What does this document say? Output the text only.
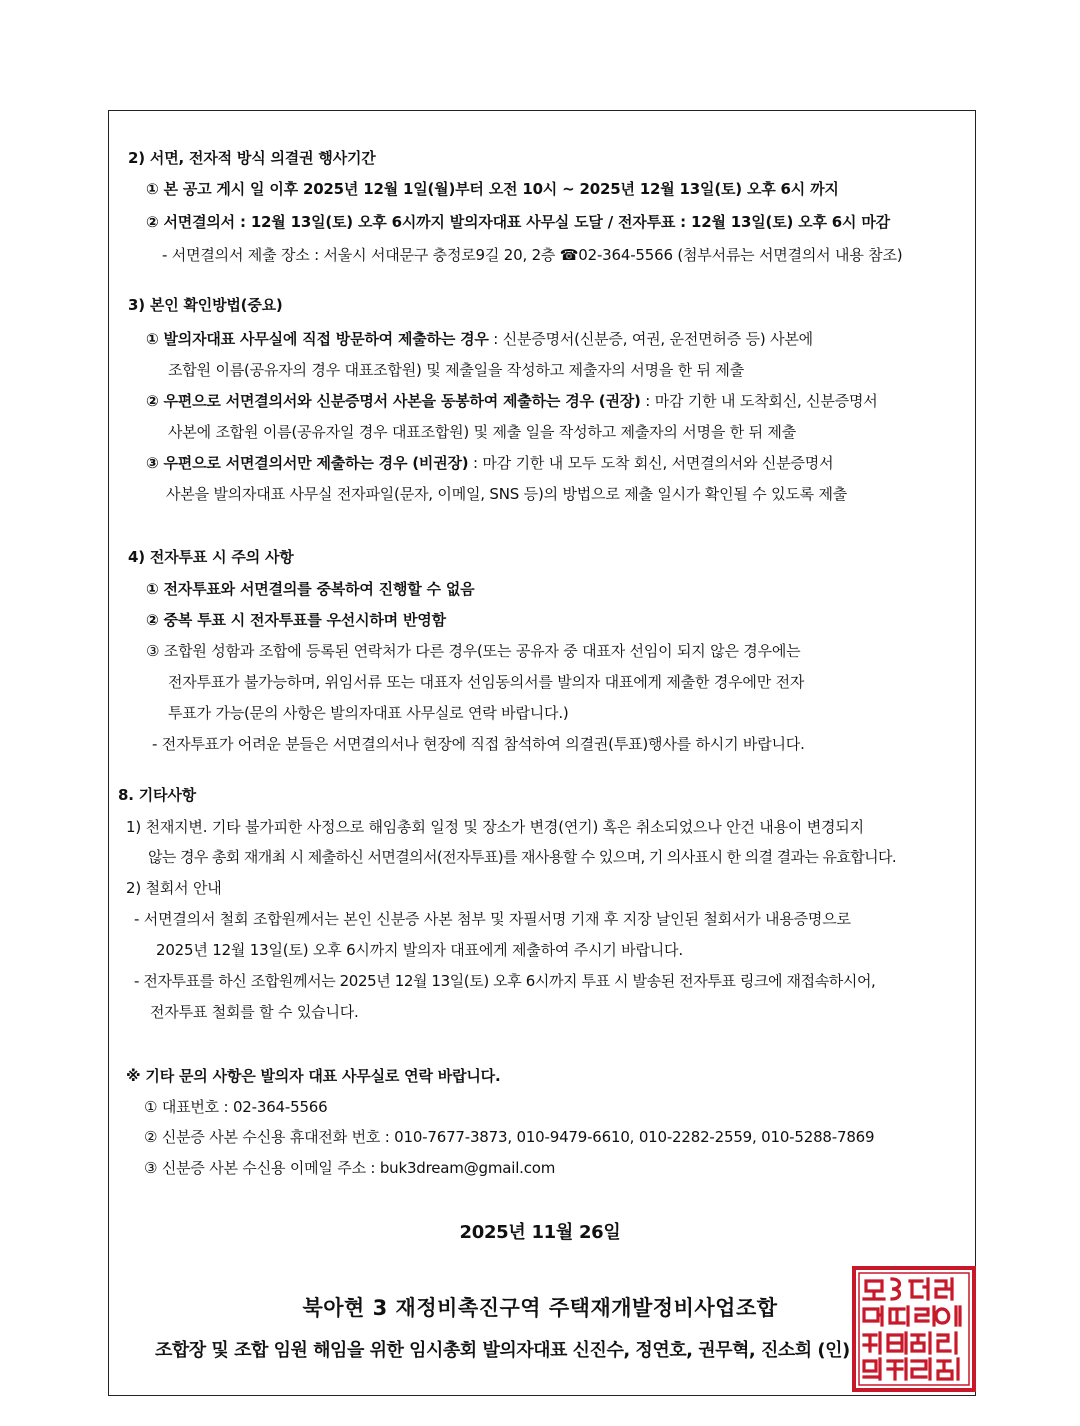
2) 서면, 전자적 방식 의결권 행사기간
① 본 공고 게시 일 이후 2025년 12월 1일(월)부터 오전 10시 ~ 2025년 12월 13일(토) 오후 6시 까지
② 서면결의서 : 12월 13일(토) 오후 6시까지 발의자대표 사무실 도달 / 전자투표 : 12월 13일(토) 오후 6시 마감
- 서면결의서 제출 장소 : 서울시 서대문구 충정로9길 20, 2층 ☎02-364-5566 (첨부서류는 서면결의서 내용 참조)
3) 본인 확인방법(중요)
① 발의자대표 사무실에 직접 방문하여 제출하는 경우 : 신분증명서(신분증, 여권, 운전면허증 등) 사본에
조합원 이름(공유자의 경우 대표조합원) 및 제출일을 작성하고 제출자의 서명을 한 뒤 제출
② 우편으로 서면결의서와 신분증명서 사본을 동봉하여 제출하는 경우 (권장) : 마감 기한 내 도착회신, 신분증명서
사본에 조합원 이름(공유자일 경우 대표조합원) 및 제출 일을 작성하고 제출자의 서명을 한 뒤 제출
③ 우편으로 서면결의서만 제출하는 경우 (비권장) : 마감 기한 내 모두 도착 회신, 서면결의서와 신분증명서
사본을 발의자대표 사무실 전자파일(문자, 이메일, SNS 등)의 방법으로 제출 일시가 확인될 수 있도록 제출
4) 전자투표 시 주의 사항
① 전자투표와 서면결의를 중복하여 진행할 수 없음
② 중복 투표 시 전자투표를 우선시하며 반영함
③ 조합원 성함과 조합에 등록된 연락처가 다른 경우(또는 공유자 중 대표자 선임이 되지 않은 경우에는
전자투표가 불가능하며, 위임서류 또는 대표자 선임동의서를 발의자 대표에게 제출한 경우에만 전자
투표가 가능(문의 사항은 발의자대표 사무실로 연락 바랍니다.)
- 전자투표가 어려운 분들은 서면결의서나 현장에 직접 참석하여 의결권(투표)행사를 하시기 바랍니다.
8. 기타사항
1) 천재지변. 기타 불가피한 사정으로 해임총회 일정 및 장소가 변경(연기) 혹은 취소되었으나 안건 내용이 변경되지
않는 경우 총회 재개최 시 제출하신 서면결의서(전자투표)를 재사용할 수 있으며, 기 의사표시 한 의결 결과는 유효합니다.
2) 철회서 안내
- 서면결의서 철회 조합원께서는 본인 신분증 사본 첨부 및 자필서명 기재 후 지장 날인된 철회서가 내용증명으로
2025년 12월 13일(토) 오후 6시까지 발의자 대표에게 제출하여 주시기 바랍니다.
- 전자투표를 하신 조합원께서는 2025년 12월 13일(토) 오후 6시까지 투표 시 발송된 전자투표 링크에 재접속하시어,
전자투표 철회를 할 수 있습니다.
※ 기타 문의 사항은 발의자 대표 사무실로 연락 바랍니다.
① 대표번호 : 02-364-5566
② 신분증 사본 수신용 휴대전화 번호 : 010-7677-3873, 010-9479-6610, 010-2282-2559, 010-5288-7869
③ 신분증 사본 수신용 이메일 주소 : buk3dream@gmail.com
2025년 11월 26일
북아현 3 재정비촉진구역 주택재개발정비사업조합
조합장 및 조합 임원 해임을 위한 임시총회 발의자대표 신진수, 정연호, 권무혁, 진소희 (인)
